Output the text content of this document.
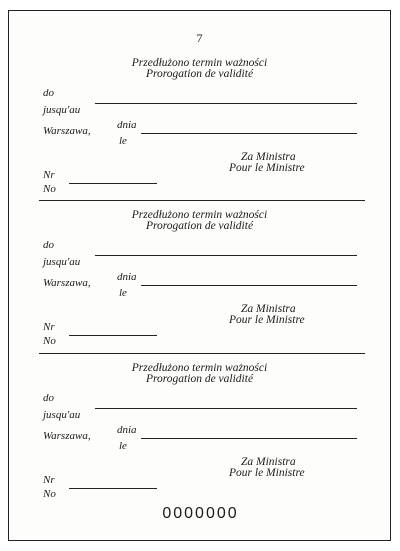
7
Przedłużono termin ważności
Prorogation de validité
do
jusqu'au
dnia
Warszawa,
le
Za Ministra
Pour le Ministre
Nr
No
Przedłużono termin ważności
Prorogation de validité
do
jusqu'au
dnia
Warszawa,
le
Za Ministra
Pour le Ministre
Nr
No
Przedłużono termin ważności
Prorogation de validité
do
jusqu'au
dnia
Warszawa,
le
Za Ministra
Pour le Ministre
Nr
No
0000000
